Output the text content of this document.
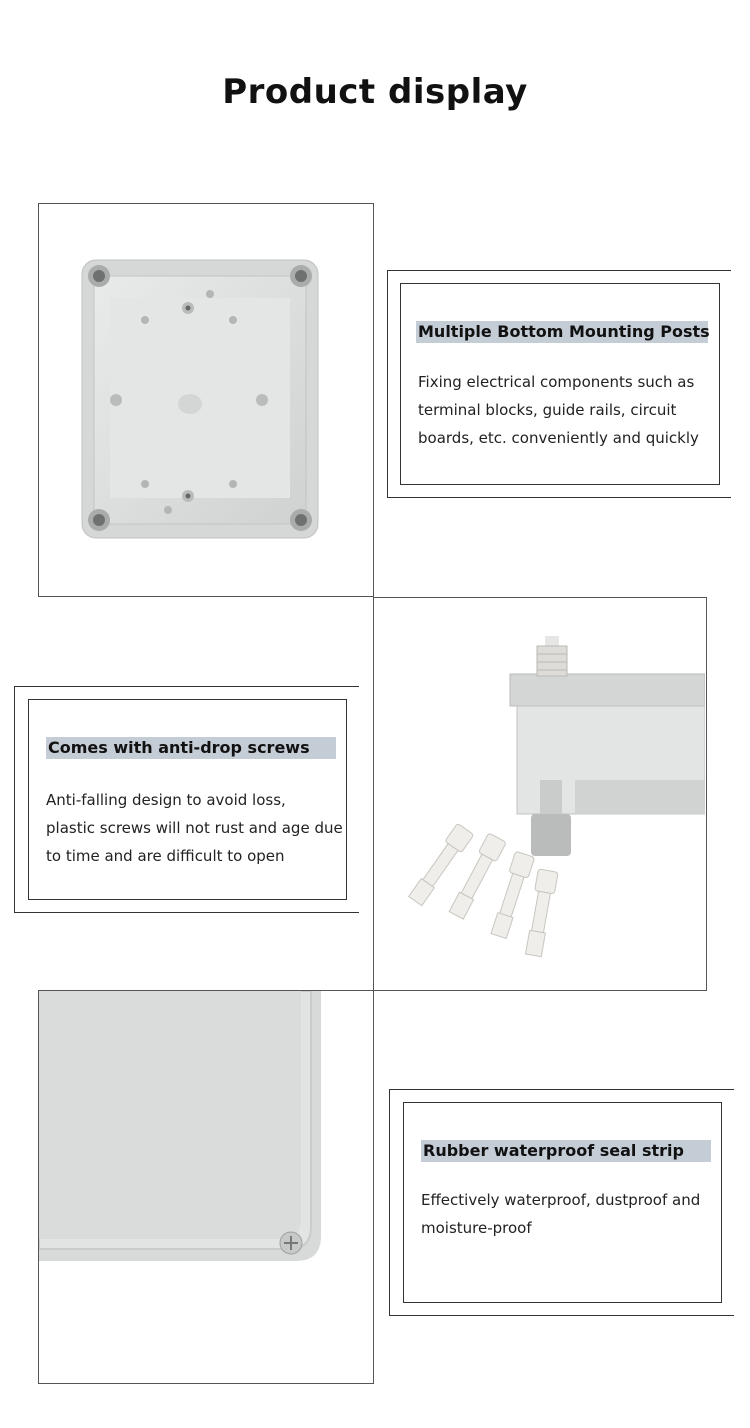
Product display
Multiple Bottom Mounting Posts
Fixing electrical components such as
terminal blocks, guide rails, circuit
boards, etc. conveniently and quickly
Comes with anti-drop screws
Anti-falling design to avoid loss,
plastic screws will not rust and age due
to time and are difficult to open
Rubber waterproof seal strip
Effectively waterproof, dustproof and
moisture-proof
